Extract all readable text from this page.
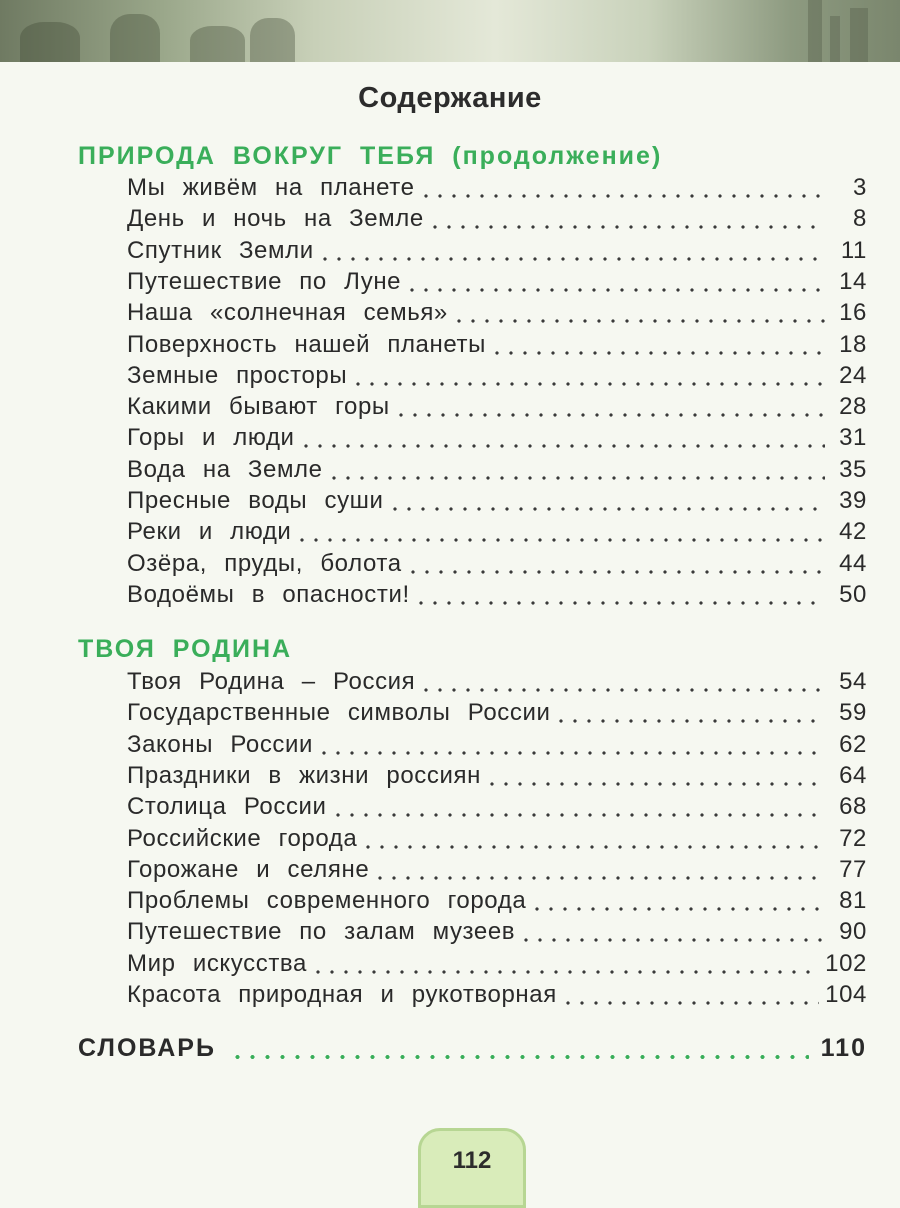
Содержание
ПРИРОДА ВОКРУГ ТЕБЯ (продолжение)
Мы живём на планете	3
День и ночь на Земле	8
Спутник Земли	11
Путешествие по Луне	14
Наша «солнечная семья»	16
Поверхность нашей планеты	18
Земные просторы	24
Какими бывают горы	28
Горы и люди	31
Вода на Земле	35
Пресные воды суши	39
Реки и люди	42
Озёра, пруды, болота	44
Водоёмы в опасности!	50
ТВОЯ РОДИНА
Твоя Родина – Россия	54
Государственные символы России	59
Законы России	62
Праздники в жизни россиян	64
Столица России	68
Российские города	72
Горожане и селяне	77
Проблемы современного города	81
Путешествие по залам музеев	90
Мир искусства	102
Красота природная и рукотворная	104
СЛОВАРЬ	110
112
